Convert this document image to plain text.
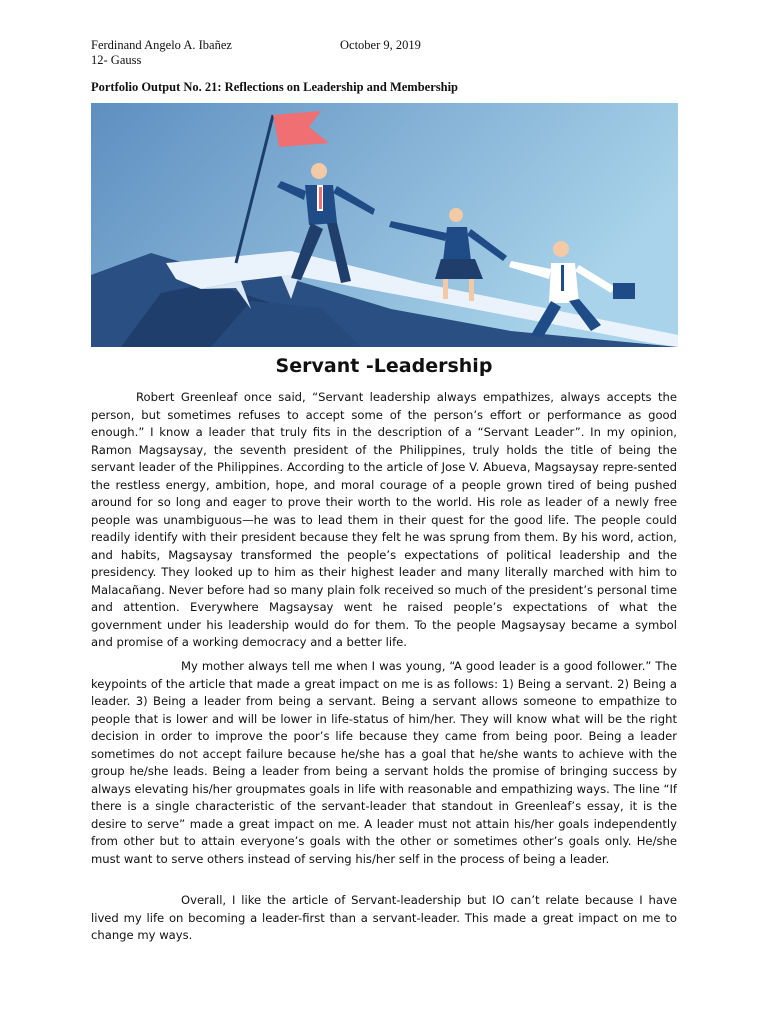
Ferdinand Angelo A. Ibañez	October 9, 2019
12- Gauss
Portfolio Output No. 21: Reflections on Leadership and Membership
Servant -Leadership

Robert Greenleaf once said, “Servant leadership always empathizes, always accepts the person, but sometimes refuses to accept some of the person’s effort or performance as good enough.” I know a leader that truly fits in the description of a “Servant Leader”. In my opinion, Ramon Magsaysay, the seventh president of the Philippines, truly holds the title of being the servant leader of the Philippines. According to the article of Jose V. Abueva, Magsaysay repre-sented the restless energy, ambition, hope, and moral courage of a people grown tired of being pushed around for so long and eager to prove their worth to the world. His role as leader of a newly free people was unambiguous—he was to lead them in their quest for the good life. The people could readily identify with their president because they felt he was sprung from them. By his word, action, and habits, Magsaysay transformed the people’s expectations of political leadership and the presidency. They looked up to him as their highest leader and many literally marched with him to Malacañang. Never before had so many plain folk received so much of the president’s personal time and attention. Everywhere Magsaysay went he raised people’s expectations of what the government under his leadership would do for them. To the people Magsaysay became a symbol and promise of a working democracy and a better life.

My mother always tell me when I was young, “A good leader is a good follower.” The keypoints of the article that made a great impact on me is as follows: 1) Being a servant. 2) Being a leader. 3) Being a leader from being a servant. Being a servant allows someone to empathize to people that is lower and will be lower in life-status of him/her. They will know what will be the right decision in order to improve the poor’s life because they came from being poor. Being a leader sometimes do not accept failure because he/she has a goal that he/she wants to achieve with the group he/she leads. Being a leader from being a servant holds the promise of bringing success by always elevating his/her groupmates goals in life with reasonable and empathizing ways. The line “If there is a single characteristic of the servant-leader that standout in Greenleaf’s essay, it is the desire to serve” made a great impact on me. A leader must not attain his/her goals independently from other but to attain everyone’s goals with the other or sometimes other’s goals only. He/she must want to serve others instead of serving his/her self in the process of being a leader.

Overall, I like the article of Servant-leadership but IO can’t relate because I have lived my life on becoming a leader-first than a servant-leader. This made a great impact on me to change my ways.
